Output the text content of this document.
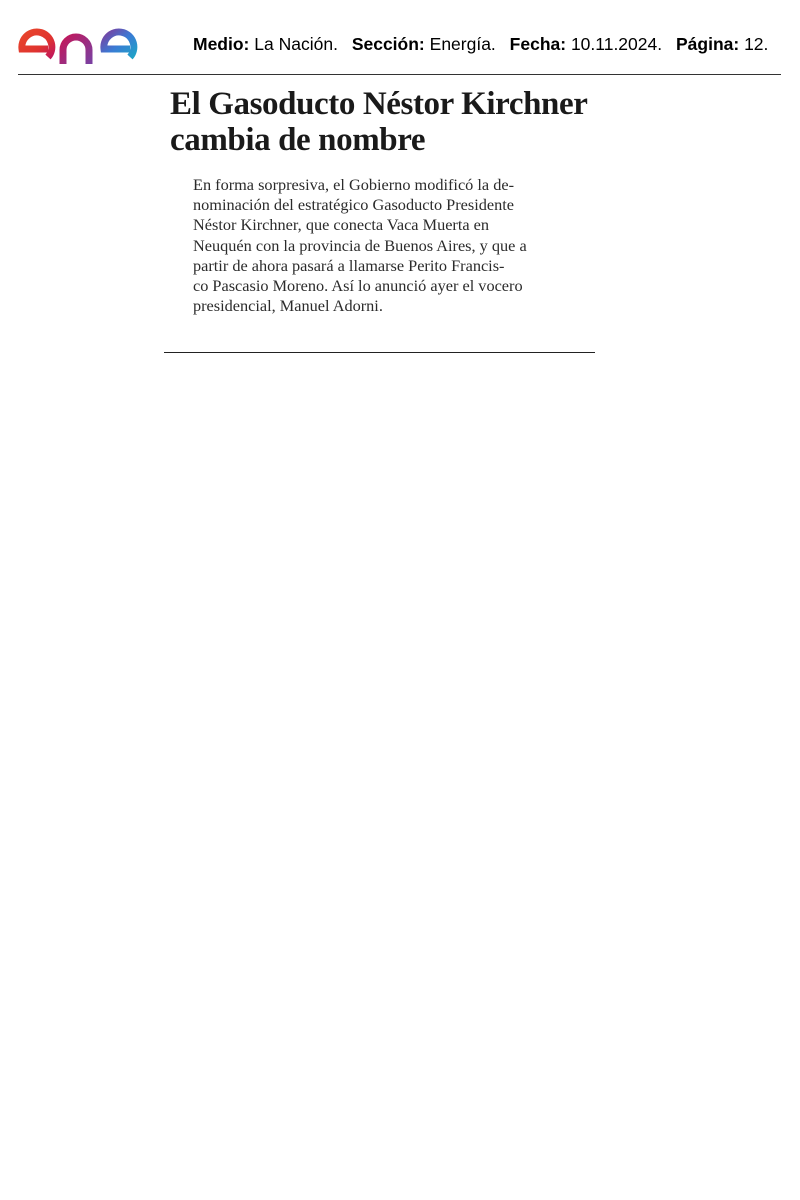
Medio: La Nación. Sección: Energía. Fecha: 10.11.2024. Página: 12.
El Gasoducto Néstor Kirchner
cambia de nombre

En forma sorpresiva, el Gobierno modificó la de-
nominación del estratégico Gasoducto Presidente
Néstor Kirchner, que conecta Vaca Muerta en
Neuquén con la provincia de Buenos Aires, y que a
partir de ahora pasará a llamarse Perito Francis-
co Pascasio Moreno. Así lo anunció ayer el vocero
presidencial, Manuel Adorni.
